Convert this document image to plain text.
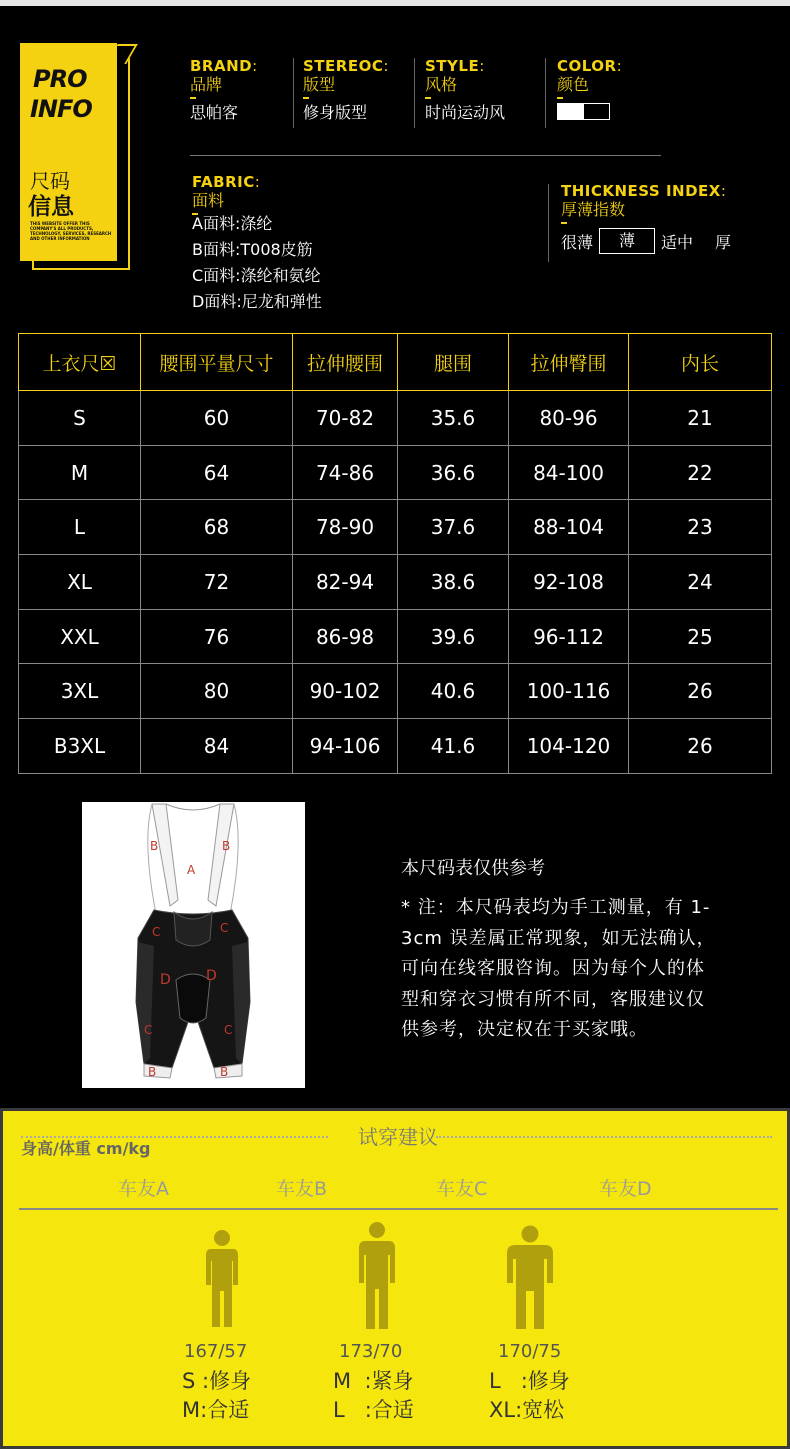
PRO
INFO
尺码
信息
THIS WEBSITE OFFER THIS COMPANY'S ALL PRODUCTS, TECHNOLOGY, SERVICES, RESEARCH AND OTHER INFORMATION
BRAND:
品牌
思帕客
STEREOC:
版型
修身版型
STYLE:
风格
时尚运动风
COLOR:
颜色
FABRIC:
面料
A面料:涤纶
B面料:T008皮筋
C面料:涤纶和氨纶
D面料:尼龙和弹性
THICKNESS INDEX:
厚薄指数
很薄	薄	适中 厚
上衣尺☒	腰围平量尺寸	拉伸腰围	腿围	拉伸臀围	内长
S	60	70-82	35.6	80-96	21
M	64	74-86	36.6	84-100	22
L	68	78-90	37.6	88-104	23
XL	72	82-94	38.6	92-108	24
XXL	76	86-98	39.6	96-112	25
3XL	80	90-102	40.6	100-116	26
B3XL	84	94-106	41.6	104-120	26
B	B
A
C	C
D	D
C	C
B	B
本尺码表仅供参考
* 注：本尺码表均为手工测量，有 1-3cm 误差属正常现象，如无法确认，可向在线客服咨询。因为每个人的体型和穿衣习惯有所不同，客服建议仅供参考，决定权在于买家哦。
试穿建议
身高/体重 cm/kg
车友A	车友B	车友C	车友D
167/57
S :修身
M:合适
173/70
M  :紧身
L   :合适
170/75
L   :修身
XL:宽松
